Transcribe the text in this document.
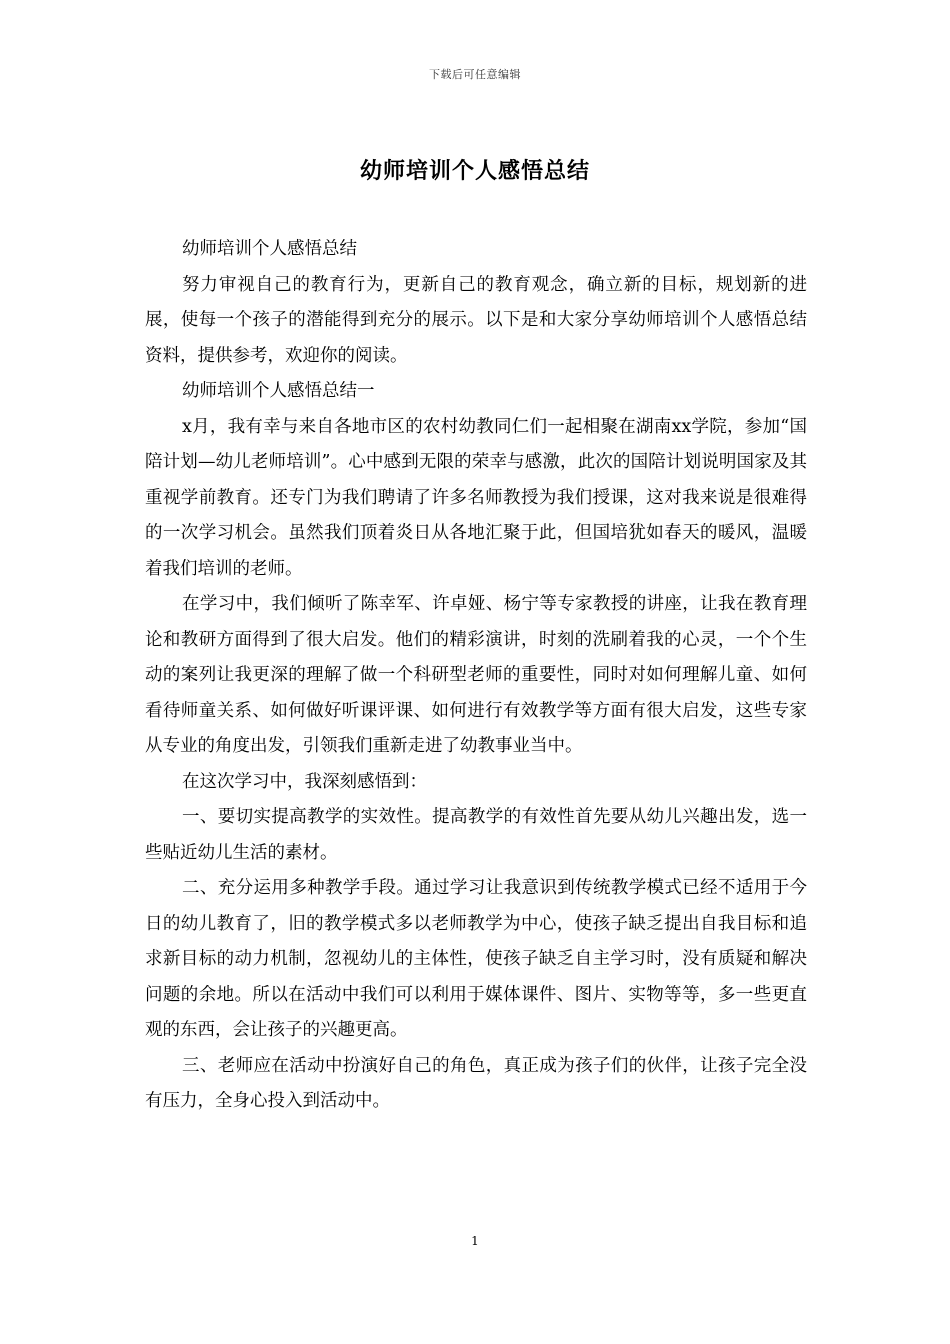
下载后可任意编辑
幼师培训个人感悟总结

幼师培训个人感悟总结

努力审视自己的教育行为，更新自己的教育观念，确立新的目标，规划新的进展，使每一个孩子的潜能得到充分的展示。以下是和大家分享幼师培训个人感悟总结资料，提供参考，欢迎你的阅读。

幼师培训个人感悟总结一

x月，我有幸与来自各地市区的农村幼教同仁们一起相聚在湖南xx学院，参加“国陪计划—幼儿老师培训”。心中感到无限的荣幸与感激，此次的国陪计划说明国家及其重视学前教育。还专门为我们聘请了许多名师教授为我们授课，这对我来说是很难得的一次学习机会。虽然我们顶着炎日从各地汇聚于此，但国培犹如春天的暖风，温暖着我们培训的老师。

在学习中，我们倾听了陈幸军、许卓娅、杨宁等专家教授的讲座，让我在教育理论和教研方面得到了很大启发。他们的精彩演讲，时刻的洗刷着我的心灵，一个个生动的案列让我更深的理解了做一个科研型老师的重要性，同时对如何理解儿童、如何看待师童关系、如何做好听课评课、如何进行有效教学等方面有很大启发，这些专家从专业的角度出发，引领我们重新走进了幼教事业当中。

在这次学习中，我深刻感悟到：

一、要切实提高教学的实效性。提高教学的有效性首先要从幼儿兴趣出发，选一些贴近幼儿生活的素材。

二、充分运用多种教学手段。通过学习让我意识到传统教学模式已经不适用于今日的幼儿教育了，旧的教学模式多以老师教学为中心，使孩子缺乏提出自我目标和追求新目标的动力机制，忽视幼儿的主体性，使孩子缺乏自主学习时，没有质疑和解决问题的余地。所以在活动中我们可以利用于媒体课件、图片、实物等等，多一些更直观的东西，会让孩子的兴趣更高。

三、老师应在活动中扮演好自己的角色，真正成为孩子们的伙伴，让孩子完全没有压力，全身心投入到活动中。

1
